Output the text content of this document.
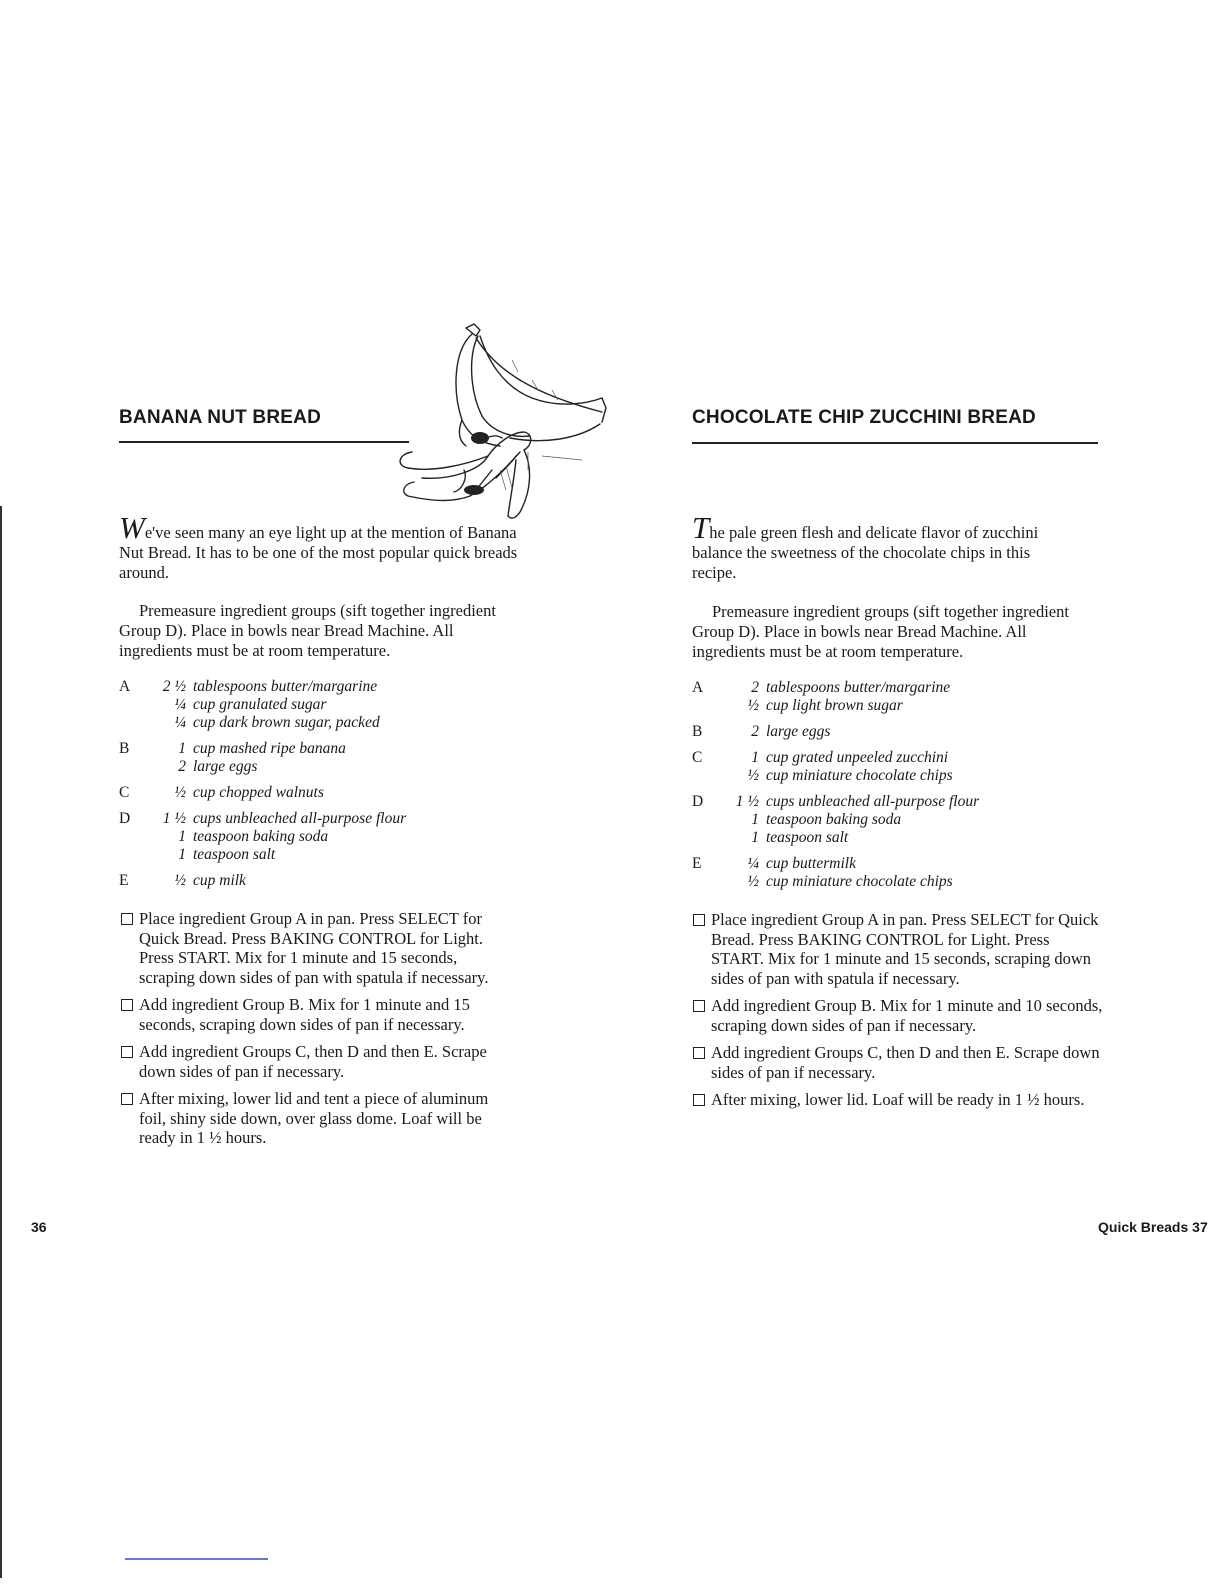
BANANA NUT BREAD
We've seen many an eye light up at the mention of Banana Nut Bread. It has to be one of the most popular quick breads around.
Premeasure ingredient groups (sift together ingredient Group D). Place in bowls near Bread Machine. All ingredients must be at room temperature.
A	2 ½ tablespoons butter/margarine
¼ cup granulated sugar
¼ cup dark brown sugar, packed
B	1 cup mashed ripe banana
2 large eggs
C	½ cup chopped walnuts
D	1 ½ cups unbleached all-purpose flour
1 teaspoon baking soda
1 teaspoon salt
E	½ cup milk
Place ingredient Group A in pan. Press SELECT for Quick Bread. Press BAKING CONTROL for Light. Press START. Mix for 1 minute and 15 seconds, scraping down sides of pan with spatula if necessary.
Add ingredient Group B. Mix for 1 minute and 15 seconds, scraping down sides of pan if necessary.
Add ingredient Groups C, then D and then E. Scrape down sides of pan if necessary.
After mixing, lower lid and tent a piece of aluminum foil, shiny side down, over glass dome. Loaf will be ready in 1 ½ hours.
36
CHOCOLATE CHIP ZUCCHINI BREAD
The pale green flesh and delicate flavor of zucchini balance the sweetness of the chocolate chips in this recipe.
Premeasure ingredient groups (sift together ingredient Group D). Place in bowls near Bread Machine. All ingredients must be at room temperature.
A	2 tablespoons butter/margarine
½ cup light brown sugar
B	2 large eggs
C	1 cup grated unpeeled zucchini
½ cup miniature chocolate chips
D	1 ½ cups unbleached all-purpose flour
1 teaspoon baking soda
1 teaspoon salt
E	¼ cup buttermilk
½ cup miniature chocolate chips
Place ingredient Group A in pan. Press SELECT for Quick Bread. Press BAKING CONTROL for Light. Press START. Mix for 1 minute and 15 seconds, scraping down sides of pan with spatula if necessary.
Add ingredient Group B. Mix for 1 minute and 10 seconds, scraping down sides of pan if necessary.
Add ingredient Groups C, then D and then E. Scrape down sides of pan if necessary.
After mixing, lower lid. Loaf will be ready in 1 ½ hours.
Quick Breads 37
